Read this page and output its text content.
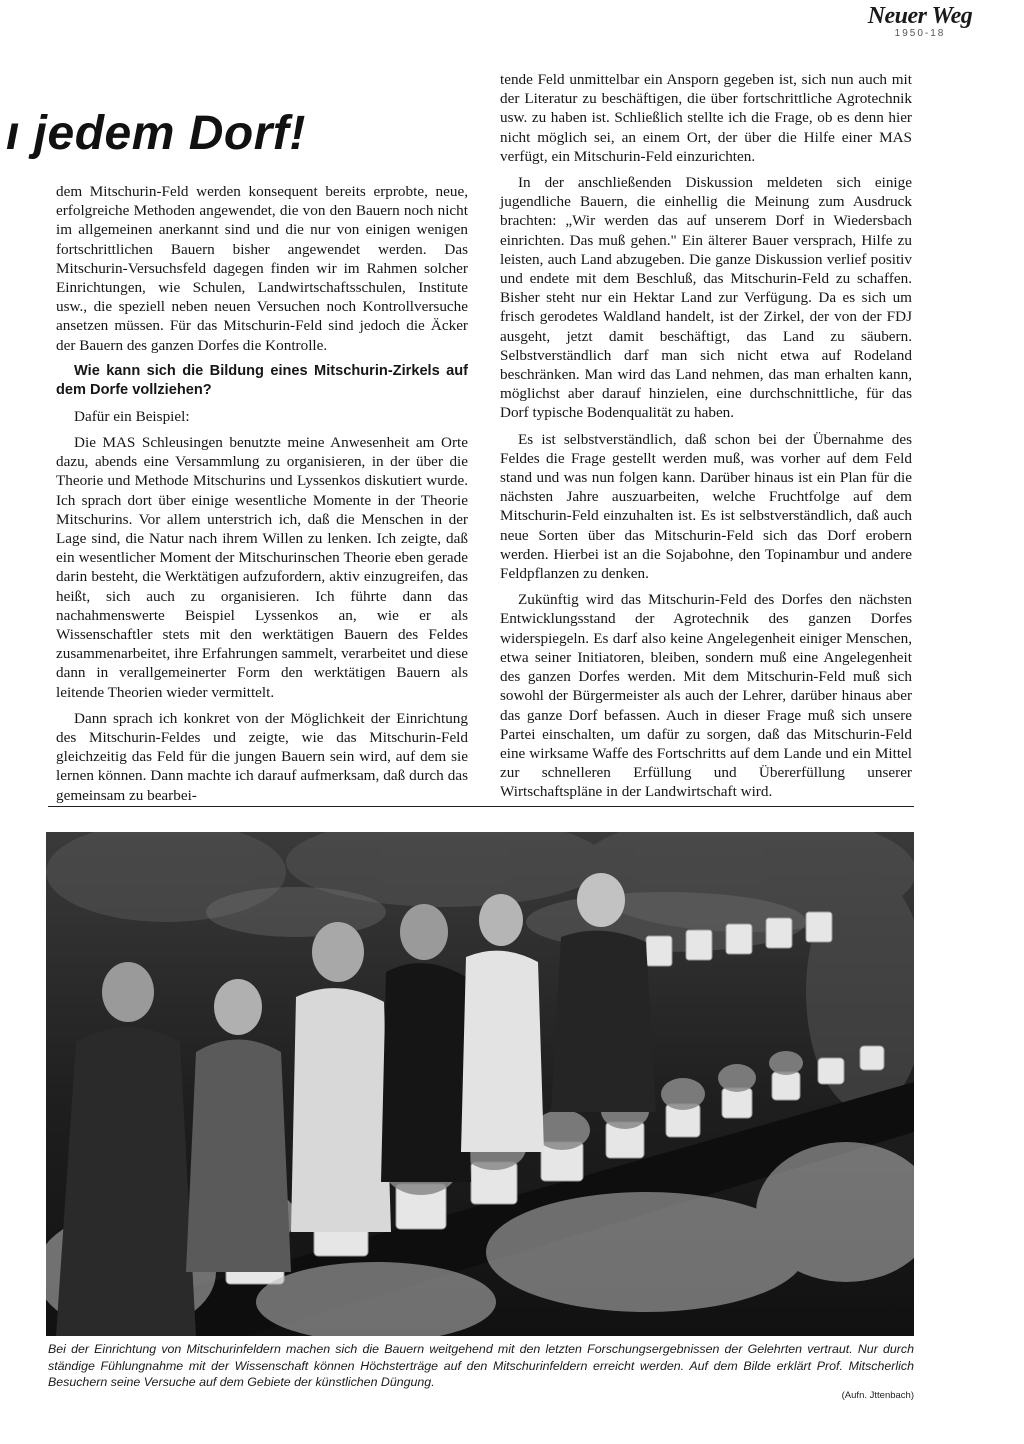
Neuer Weg
1950-18
ı jedem Dorf!

dem Mitschurin-Feld werden konsequent bereits erprobte, neue, erfolgreiche Methoden angewendet, die von den Bauern noch nicht im allgemeinen anerkannt sind und die nur von einigen wenigen fortschrittlichen Bauern bisher angewendet werden. Das Mitschurin-Versuchsfeld dagegen finden wir im Rahmen solcher Einrichtungen, wie Schulen, Landwirtschaftsschulen, Institute usw., die speziell neben neuen Versuchen noch Kontrollversuche ansetzen müssen. Für das Mitschurin-Feld sind jedoch die Äcker der Bauern des ganzen Dorfes die Kontrolle.

Wie kann sich die Bildung eines Mitschurin-Zirkels auf dem Dorfe vollziehen?

Dafür ein Beispiel:

Die MAS Schleusingen benutzte meine Anwesenheit am Orte dazu, abends eine Versammlung zu organisieren, in der über die Theorie und Methode Mitschurins und Lyssenkos diskutiert wurde. Ich sprach dort über einige wesentliche Momente in der Theorie Mitschurins. Vor allem unterstrich ich, daß die Menschen in der Lage sind, die Natur nach ihrem Willen zu lenken. Ich zeigte, daß ein wesentlicher Moment der Mitschurinschen Theorie eben gerade darin besteht, die Werktätigen aufzufordern, aktiv einzugreifen, das heißt, sich auch zu organisieren. Ich führte dann das nachahmenswerte Beispiel Lyssenkos an, wie er als Wissenschaftler stets mit den werktätigen Bauern des Feldes zusammenarbeitet, ihre Erfahrungen sammelt, verarbeitet und diese dann in verallgemeinerter Form den werktätigen Bauern als leitende Theorien wieder vermittelt.

Dann sprach ich konkret von der Möglichkeit der Einrichtung des Mitschurin-Feldes und zeigte, wie das Mitschurin-Feld gleichzeitig das Feld für die jungen Bauern sein wird, auf dem sie lernen können. Dann machte ich darauf aufmerksam, daß durch das gemeinsam zu bearbei-

tende Feld unmittelbar ein Ansporn gegeben ist, sich nun auch mit der Literatur zu beschäftigen, die über fortschrittliche Agrotechnik usw. zu haben ist. Schließlich stellte ich die Frage, ob es denn hier nicht möglich sei, an einem Ort, der über die Hilfe einer MAS verfügt, ein Mitschurin-Feld einzurichten.

In der anschließenden Diskussion meldeten sich einige jugendliche Bauern, die einhellig die Meinung zum Ausdruck brachten: „Wir werden das auf unserem Dorf in Wiedersbach einrichten. Das muß gehen." Ein älterer Bauer versprach, Hilfe zu leisten, auch Land abzugeben. Die ganze Diskussion verlief positiv und endete mit dem Beschluß, das Mitschurin-Feld zu schaffen. Bisher steht nur ein Hektar Land zur Verfügung. Da es sich um frisch gerodetes Waldland handelt, ist der Zirkel, der von der FDJ ausgeht, jetzt damit beschäftigt, das Land zu säubern. Selbstverständlich darf man sich nicht etwa auf Rodeland beschränken. Man wird das Land nehmen, das man erhalten kann, möglichst aber darauf hinzielen, eine durchschnittliche, für das Dorf typische Bodenqualität zu haben.

Es ist selbstverständlich, daß schon bei der Übernahme des Feldes die Frage gestellt werden muß, was vorher auf dem Feld stand und was nun folgen kann. Darüber hinaus ist ein Plan für die nächsten Jahre auszuarbeiten, welche Fruchtfolge auf dem Mitschurin-Feld einzuhalten ist. Es ist selbstverständlich, daß auch neue Sorten über das Mitschurin-Feld sich das Dorf erobern werden. Hierbei ist an die Sojabohne, den Topinambur und andere Feldpflanzen zu denken.

Zukünftig wird das Mitschurin-Feld des Dorfes den nächsten Entwicklungsstand der Agrotechnik des ganzen Dorfes widerspiegeln. Es darf also keine Angelegenheit einiger Menschen, etwa seiner Initiatoren, bleiben, sondern muß eine Angelegenheit des ganzen Dorfes werden. Mit dem Mitschurin-Feld muß sich sowohl der Bürgermeister als auch der Lehrer, darüber hinaus aber das ganze Dorf befassen. Auch in dieser Frage muß sich unsere Partei einschalten, um dafür zu sorgen, daß das Mitschurin-Feld eine wirksame Waffe des Fortschritts auf dem Lande und ein Mittel zur schnelleren Erfüllung und Übererfüllung unserer Wirtschaftspläne in der Landwirtschaft wird.

Bei der Einrichtung von Mitschurinfeldern machen sich die Bauern weitgehend mit den letzten Forschungsergebnissen der Gelehrten vertraut. Nur durch ständige Fühlungnahme mit der Wissenschaft können Höchsterträge auf den Mitschurinfeldern erreicht werden. Auf dem Bilde erklärt Prof. Mitscherlich Besuchern seine Versuche auf dem Gebiete der künstlichen Düngung.
(Aufn. Jttenbach)
